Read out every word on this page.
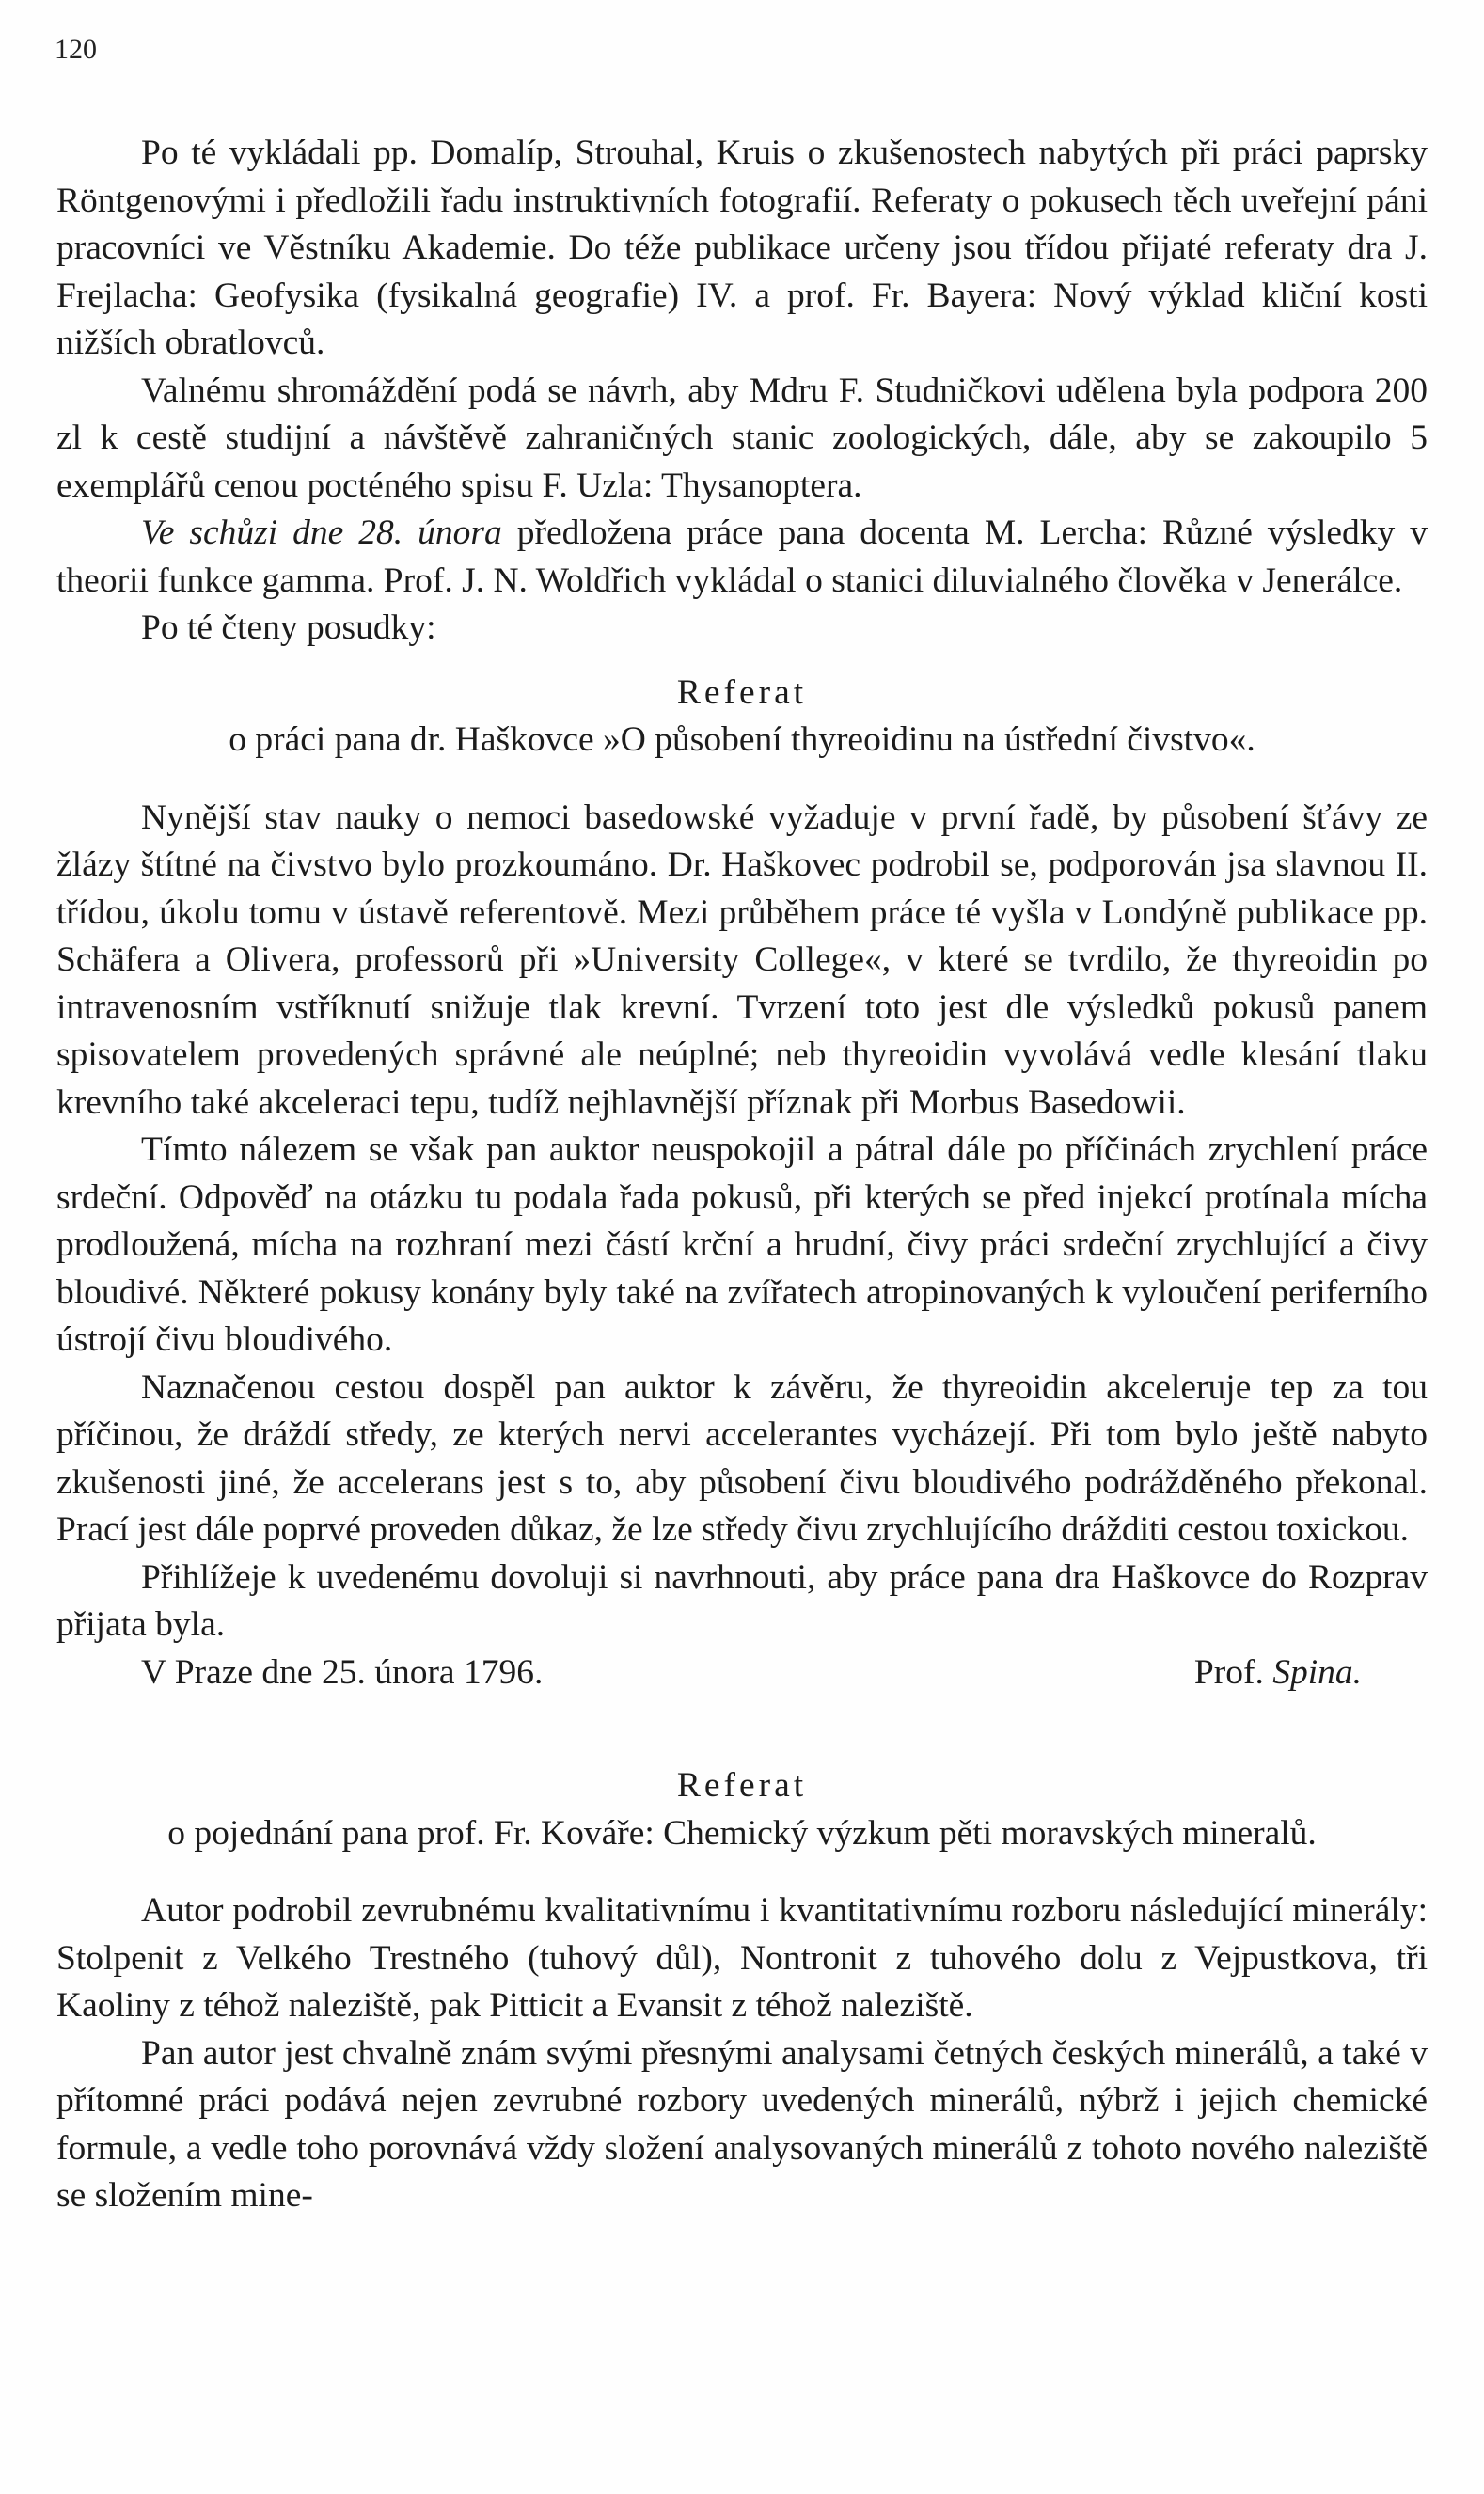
120

Po té vykládali pp. Domalíp, Strouhal, Kruis o zkušenostech nabytých při práci paprsky Röntgenovými i předložili řadu instruktivních fotografií. Referaty o pokusech těch uveřejní páni pracovníci ve Věstníku Akademie. Do téže publikace určeny jsou třídou přijaté referaty dra J. Frejlacha: Geofysika (fysikalná geografie) IV. a prof. Fr. Bayera: Nový výklad kliční kosti nižších obratlovců.

Valnému shromáždění podá se návrh, aby Mdru F. Studničkovi udělena byla podpora 200 zl k cestě studijní a návštěvě zahraničných stanic zoologických, dále, aby se zakoupilo 5 exemplářů cenou pocténého spisu F. Uzla: Thysanoptera.

Ve schůzi dne 28. února předložena práce pana docenta M. Lercha: Různé výsledky v theorii funkce gamma. Prof. J. N. Woldřich vykládal o stanici diluvialného člověka v Jenerálce.

Po té čteny posudky:

Referat

o práci pana dr. Haškovce »O působení thyreoidinu na ústřední čivstvo«.

Nynější stav nauky o nemoci basedowské vyžaduje v první řadě, by působení šťávy ze žlázy štítné na čivstvo bylo prozkoumáno. Dr. Haškovec podrobil se, podporován jsa slavnou II. třídou, úkolu tomu v ústavě referentově. Mezi průběhem práce té vyšla v Londýně publikace pp. Schäfera a Olivera, professorů při »University College«, v které se tvrdilo, že thyreoidin po intravenosním vstříknutí snižuje tlak krevní. Tvrzení toto jest dle výsledků pokusů panem spisovatelem provedených správné ale neúplné; neb thyreoidin vyvolává vedle klesání tlaku krevního také akceleraci tepu, tudíž nejhlavnější příznak při Morbus Basedowii.

Tímto nálezem se však pan auktor neuspokojil a pátral dále po příčinách zrychlení práce srdeční. Odpověď na otázku tu podala řada pokusů, při kterých se před injekcí protínala mícha prodloužená, mícha na rozhraní mezi částí krční a hrudní, čivy práci srdeční zrychlující a čivy bloudivé. Některé pokusy konány byly také na zvířatech atropinovaných k vyloučení periferního ústrojí čivu bloudivého.

Naznačenou cestou dospěl pan auktor k závěru, že thyreoidin akceleruje tep za tou příčinou, že dráždí středy, ze kterých nervi accelerantes vycházejí. Při tom bylo ještě nabyto zkušenosti jiné, že accelerans jest s to, aby působení čivu bloudivého podrážděného překonal. Prací jest dále poprvé proveden důkaz, že lze středy čivu zrychlujícího drážditi cestou toxickou.

Přihlížeje k uvedenému dovoluji si navrhnouti, aby práce pana dra Haškovce do Rozprav přijata byla.

V Praze dne 25. února 1796.	Prof. Spina.

Referat

o pojednání pana prof. Fr. Kováře: Chemický výzkum pěti moravských mineralů.

Autor podrobil zevrubnému kvalitativnímu i kvantitativnímu rozboru následující minerály: Stolpenit z Velkého Trestného (tuhový důl), Nontronit z tuhového dolu z Vejpustkova, tři Kaoliny z téhož naleziště, pak Pitticit a Evansit z téhož naleziště.

Pan autor jest chvalně znám svými přesnými analysami četných českých minerálů, a také v přítomné práci podává nejen zevrubné rozbory uvedených minerálů, nýbrž i jejich chemické formule, a vedle toho porovnává vždy složení analysovaných minerálů z tohoto nového naleziště se složením mine-
